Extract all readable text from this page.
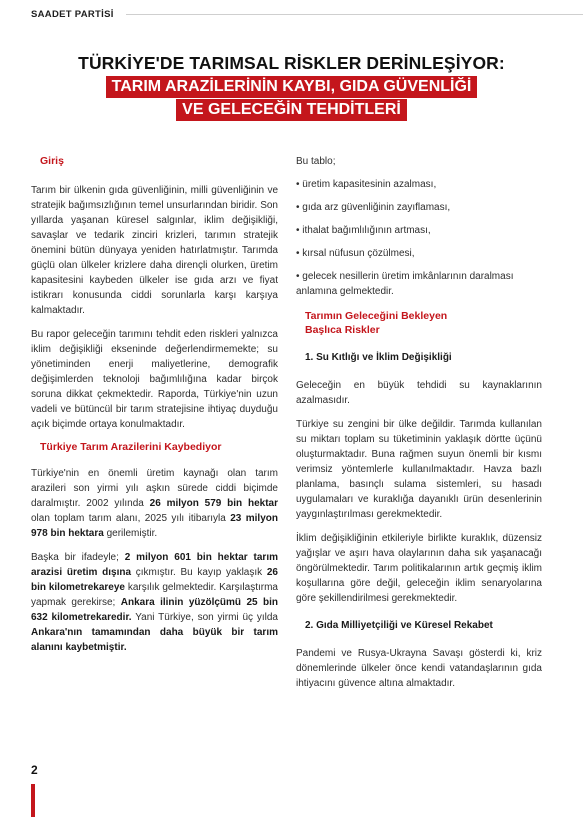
SAADET PARTİSİ
TÜRKİYE'DE TARIMSAL RİSKLER DERİNLEŞİYOR:
TARIM ARAZİLERİNİN KAYBI, GIDA GÜVENLİĞİ
VE GELECEĞİN TEHDİTLERİ
Giriş

Tarım bir ülkenin gıda güvenliğinin, milli güvenliğinin ve stratejik bağımsızlığının temel unsurlarından biridir. Son yıllarda yaşanan küresel salgınlar, iklim değişikliği, savaşlar ve tedarik zinciri krizleri, tarımın stratejik önemini bütün dünyaya yeniden hatırlatmıştır. Tarımda güçlü olan ülkeler krizlere daha dirençli olurken, üretim kapasitesini kaybeden ülkeler ise gıda arzı ve fiyat istikrarı konusunda ciddi sorunlarla karşı karşıya kalmaktadır.

Bu rapor geleceğin tarımını tehdit eden riskleri yalnızca iklim değişikliği ekseninde değerlendirmemekte; su yönetiminden enerji maliyetlerine, demografik değişimlerden teknoloji bağımlılığına kadar birçok soruna dikkat çekmektedir. Raporda, Türkiye'nin uzun vadeli ve bütüncül bir tarım stratejisine ihtiyaç duyduğu açık biçimde ortaya konulmaktadır.

Türkiye Tarım Arazilerini Kaybediyor

Türkiye'nin en önemli üretim kaynağı olan tarım arazileri son yirmi yılı aşkın sürede ciddi biçimde daralmıştır. 2002 yılında 26 milyon 579 bin hektar olan toplam tarım alanı, 2025 yılı itibarıyla 23 milyon 978 bin hektara gerilemiştir.

Başka bir ifadeyle; 2 milyon 601 bin hektar tarım arazisi üretim dışına çıkmıştır. Bu kayıp yaklaşık 26 bin kilometrekareye karşılık gelmektedir. Karşılaştırma yapmak gerekirse; Ankara ilinin yüzölçümü 25 bin 632 kilometrekaredir. Yani Türkiye, son yirmi üç yılda Ankara'nın tamamından daha büyük bir tarım alanını kaybetmiştir.

Bu tablo;

• üretim kapasitesinin azalması,

• gıda arz güvenliğinin zayıflaması,

• ithalat bağımlılığının artması,

• kırsal nüfusun çözülmesi,

• gelecek nesillerin üretim imkânlarının daralması anlamına gelmektedir.

Tarımın Geleceğini Bekleyen
Başlıca Riskler
1. Su Kıtlığı ve İklim Değişikliği

Geleceğin en büyük tehdidi su kaynaklarının azalmasıdır.

Türkiye su zengini bir ülke değildir. Tarımda kullanılan su miktarı toplam su tüketiminin yaklaşık dörtte üçünü oluşturmaktadır. Buna rağmen suyun önemli bir kısmı verimsiz yöntemlerle kullanılmaktadır. Havza bazlı planlama, basınçlı sulama sistemleri, su hasadı uygulamaları ve kuraklığa dayanıklı ürün desenlerinin yaygınlaştırılması gerekmektedir.

İklim değişikliğinin etkileriyle birlikte kuraklık, düzensiz yağışlar ve aşırı hava olaylarının daha sık yaşanacağı öngörülmektedir. Tarım politikalarının artık geçmiş iklim koşullarına göre değil, geleceğin iklim senaryolarına göre şekillendirilmesi gerekmektedir.

2. Gıda Milliyetçiliği ve Küresel Rekabet

Pandemi ve Rusya-Ukrayna Savaşı gösterdi ki, kriz dönemlerinde ülkeler önce kendi vatandaşlarının gıda ihtiyacını güvence altına almaktadır.

2
